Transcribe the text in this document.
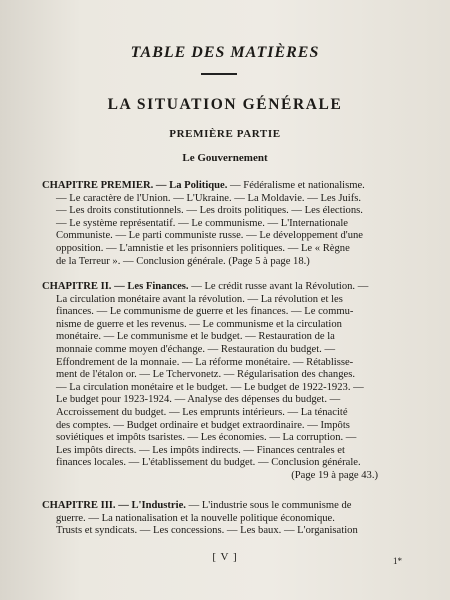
TABLE DES MATIÈRES
LA SITUATION GÉNÉRALE
PREMIÈRE PARTIE
Le Gouvernement
CHAPITRE PREMIER. — La Politique. — Fédéralisme et nationalisme.
— Le caractère de l'Union. — L'Ukraine. — La Moldavie. — Les Juifs.
— Les droits constitutionnels. — Les droits politiques. — Les élections.
— Le système représentatif. — Le communisme. — L'Internationale
Communiste. — Le parti communiste russe. — Le développement d'une
opposition. — L'amnistie et les prisonniers politiques. — Le « Règne
de la Terreur ». — Conclusion générale. (Page 5 à page 18.)
CHAPITRE II. — Les Finances. — Le crédit russe avant la Révolution. —
La circulation monétaire avant la révolution. — La révolution et les
finances. — Le communisme de guerre et les finances. — Le commu-
nisme de guerre et les revenus. — Le communisme et la circulation
monétaire. — Le communisme et le budget. — Restauration de la
monnaie comme moyen d'échange. — Restauration du budget. —
Effondrement de la monnaie. — La réforme monétaire. — Rétablisse-
ment de l'étalon or. — Le Tchervonetz. — Régularisation des changes.
— La circulation monétaire et le budget. — Le budget de 1922-1923. —
Le budget pour 1923-1924. — Analyse des dépenses du budget. —
Accroissement du budget. — Les emprunts intérieurs. — La ténacité
des comptes. — Budget ordinaire et budget extraordinaire. — Impôts
soviétiques et impôts tsaristes. — Les économies. — La corruption. —
Les impôts directs. — Les impôts indirects. — Finances centrales et
finances locales. — L'établissement du budget. — Conclusion générale.
(Page 19 à page 43.)
CHAPITRE III. — L'Industrie. — L'industrie sous le communisme de
guerre. — La nationalisation et la nouvelle politique économique.
Trusts et syndicats. — Les concessions. — Les baux. — L'organisation
[ V ]	1*
